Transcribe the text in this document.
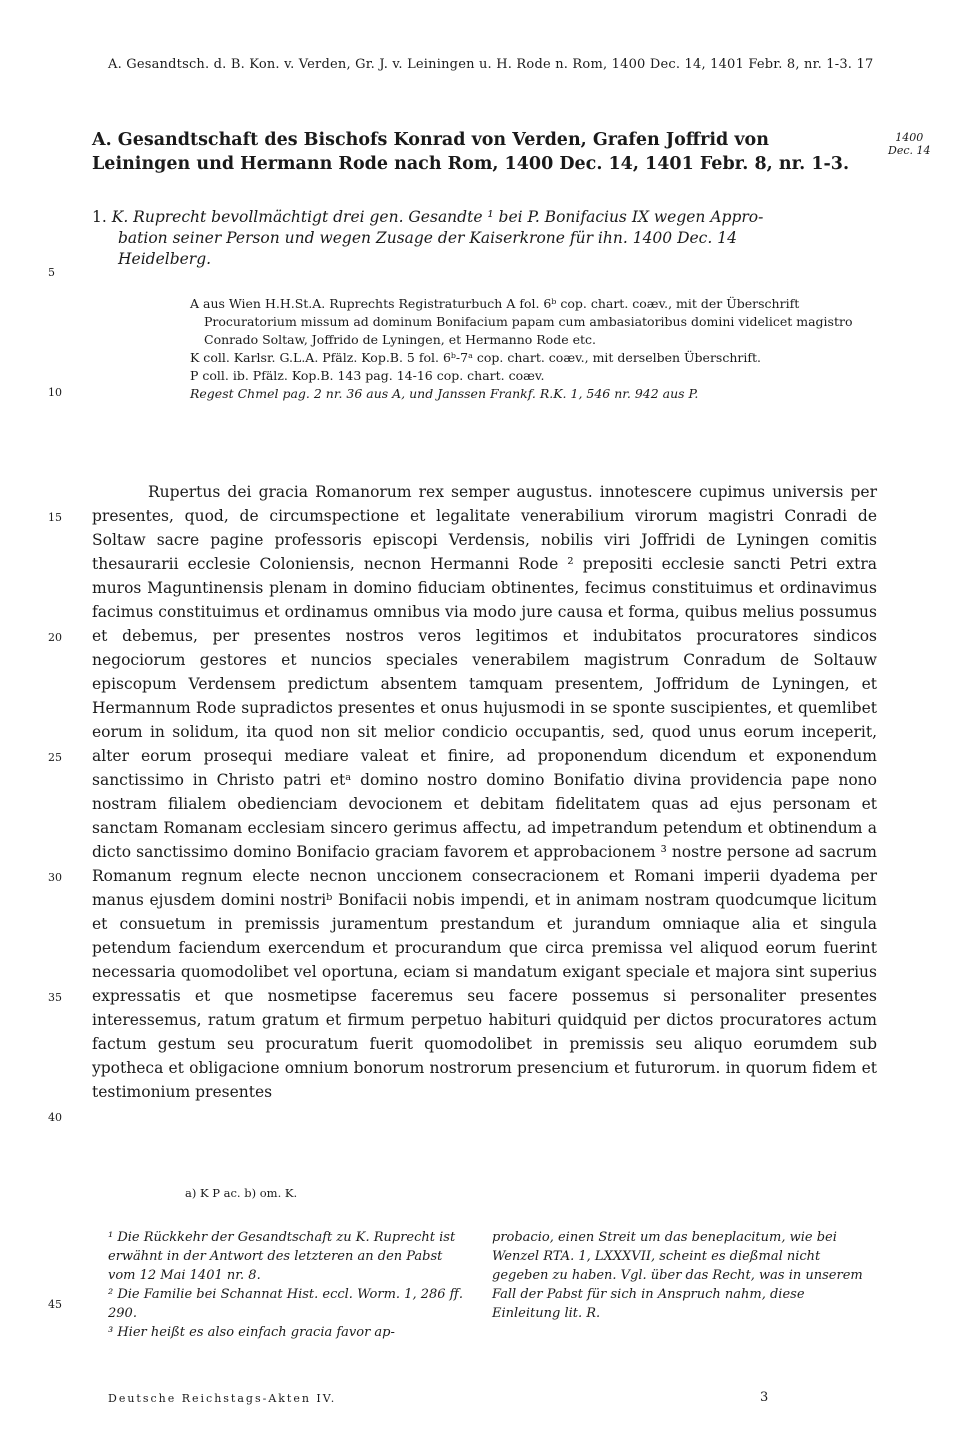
A. Gesandtsch. d. B. Kon. v. Verden, Gr. J. v. Leiningen u. H. Rode n. Rom, 1400 Dec. 14, 1401 Febr. 8, nr. 1-3. 17
A. Gesandtschaft des Bischofs Konrad von Verden, Grafen Joffrid von Leiningen und Hermann Rode nach Rom, 1400 Dec. 14, 1401 Febr. 8, nr. 1-3.
1400
Dec. 14
1. K. Ruprecht bevollmächtigt drei gen. Gesandte ¹ bei P. Bonifacius IX wegen Appro-
bation seiner Person und wegen Zusage der Kaiserkrone für ihn. 1400 Dec. 14
Heidelberg.
A aus Wien H.H.St.A. Ruprechts Registraturbuch A fol. 6ᵇ cop. chart. coæv., mit der Überschrift Procuratorium missum ad dominum Bonifacium papam cum ambasiatoribus domini videlicet magistro Conrado Soltaw, Joffrido de Lyningen, et Hermanno Rode etc.
K coll. Karlsr. G.L.A. Pfälz. Kop.B. 5 fol. 6ᵇ-7ᵃ cop. chart. coæv., mit derselben Überschrift.
P coll. ib. Pfälz. Kop.B. 143 pag. 14-16 cop. chart. coæv.
Regest Chmel pag. 2 nr. 36 aus A, und Janssen Frankf. R.K. 1, 546 nr. 942 aus P.

Rupertus dei gracia Romanorum rex semper augustus. innotescere cupimus universis per presentes, quod, de circumspectione et legalitate venerabilium virorum magistri Conradi de Soltaw sacre pagine professoris episcopi Verdensis, nobilis viri Joffridi de Lyningen comitis thesaurarii ecclesie Coloniensis, necnon Hermanni Rode ² prepositi ecclesie sancti Petri extra muros Maguntinensis plenam in domino fiduciam obtinentes, fecimus constituimus et ordinavimus facimus constituimus et ordinamus omnibus via modo jure causa et forma, quibus melius possumus et debemus, per presentes nostros veros legitimos et indubitatos procuratores sindicos negociorum gestores et nuncios speciales venerabilem magistrum Conradum de Soltauw episcopum Verdensem predictum absentem tamquam presentem, Joffridum de Lyningen, et Hermannum Rode supradictos presentes et onus hujusmodi in se sponte suscipientes, et quemlibet eorum in solidum, ita quod non sit melior condicio occupantis, sed, quod unus eorum inceperit, alter eorum prosequi mediare valeat et finire, ad proponendum dicendum et exponendum sanctissimo in Christo patri etᵃ domino nostro domino Bonifatio divina providencia pape nono nostram filialem obedienciam devocionem et debitam fidelitatem quas ad ejus personam et sanctam Romanam ecclesiam sincero gerimus affectu, ad impetrandum petendum et obtinendum a dicto sanctissimo domino Bonifacio graciam favorem et approbacionem ³ nostre persone ad sacrum Romanum regnum electe necnon unccionem consecracionem et Romani imperii dyadema per manus ejusdem domini nostriᵇ Bonifacii nobis impendi, et in animam nostram quodcumque licitum et consuetum in premissis juramentum prestandum et jurandum omniaque alia et singula petendum faciendum exercendum et procurandum que circa premissa vel aliquod eorum fuerint necessaria quomodolibet vel oportuna, eciam si mandatum exigant speciale et majora sint superius expressatis et que nosmetipse faceremus seu facere possemus si personaliter presentes interessemus, ratum gratum et firmum perpetuo habituri quidquid per dictos procuratores actum factum gestum seu procuratum fuerit quomodolibet in premissis seu aliquo eorumdem sub ypotheca et obligacione omnium bonorum nostrorum presencium et futurorum. in quorum fidem et testimonium presentes

5
10
15
20
25
30
35
40
45
a) K P ac. b) om. K.
¹ Die Rückkehr der Gesandtschaft zu K. Ruprecht ist erwähnt in der Antwort des letzteren an den Pabst vom 12 Mai 1401 nr. 8.
² Die Familie bei Schannat Hist. eccl. Worm. 1, 286 ff. 290.
³ Hier heißt es also einfach gracia favor ap-
probacio, einen Streit um das beneplacitum, wie bei Wenzel RTA. 1, LXXXVII, scheint es dießmal nicht gegeben zu haben. Vgl. über das Recht, was in unserem Fall der Pabst für sich in Anspruch nahm, diese Einleitung lit. R.
Deutsche Reichstags-Akten IV.	3
